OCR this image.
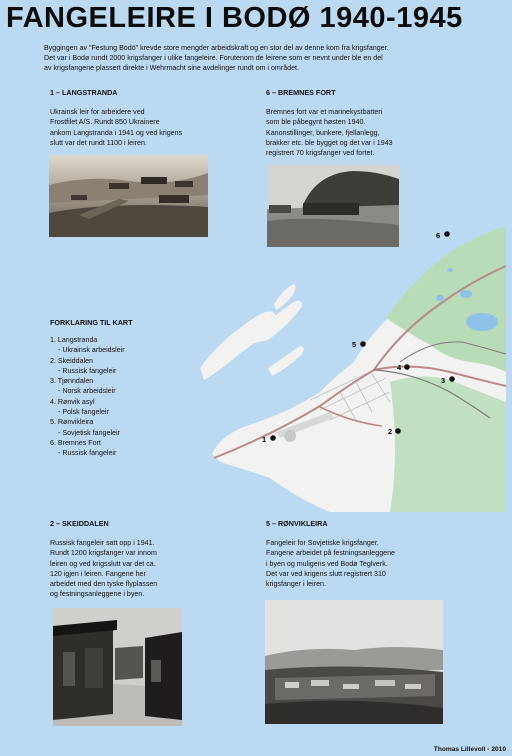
FANGELEIRE I BODØ 1940-1945
Byggingen av "Festung Bodö" krevde store mengder arbeidskraft og en stor del av denne kom fra krigsfanger.
Det var i Bodø rundt 2000 krigsfanger i ulike fangeleire. Forutenom de leirene som er nevnt under ble en del
av krigsfangene plassert direkte i Wehrmacht sine avdelinger rundt om i området.
1 – LANGSTRANDA
Ukrainsk leir for arbeidere ved
Frostfilet A/S. Rundt 850 Ukrainere
ankom Langstranda i 1941 og ved krigens
slutt var det rundt 1100 i leiren.
6 – BREMNES FORT
Bremnes fort var et marinekystbatteri
som ble påbegynt høsten 1940.
Kanonstillinger, bunkere, fjellanlegg,
brakker etc. ble bygget og det var i 1943
registrert 70 krigsfanger ved fortet.
FORKLARING TIL KART
1. Langstranda
- Ukrainsk arbeidsleir
2. Skeiddalen
- Russisk fangeleir
3. Tjønndalen
- Norsk arbeidsleir
4. Rønvik asyl
- Polsk fangeleir
5. Rønvikleira
- Sovjetisk fangeleir
6. Bremnes Fort
- Russisk fangeleir
1
2
3
4
5
6
2 – SKEIDDALEN
Russisk fangeleir satt opp i 1941.
Rundt 1200 krigsfanger var innom
leiren og ved krigsslutt var det ca.
120 igjen i leiren. Fangene her
arbeidet med den tyske flyplassen
og festningsanleggene i byen.
5 – RØNVIKLEIRA
Fangeleir for Sovjetiske krigsfanger.
Fangene arbeidet på festningsanleggene
i byen og muligens ved Bodø Teglverk.
Det var ved krigens slutt registrert 310
krigsfanger i leiren.
Thomas Lillevoll - 2010
